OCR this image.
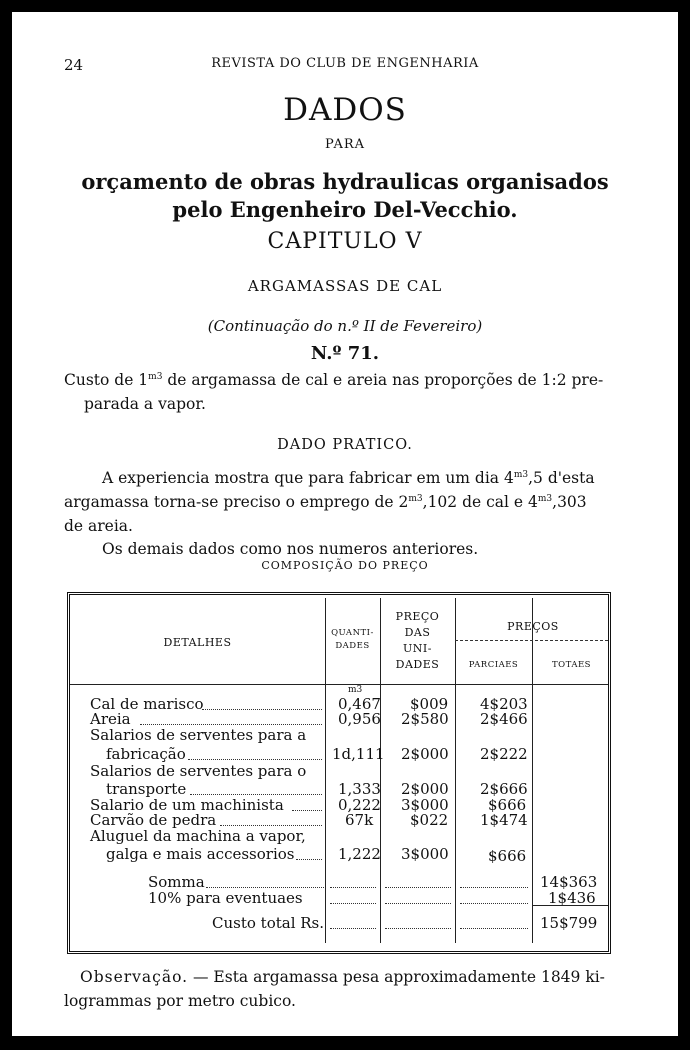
24	REVISTA DO CLUB DE ENGENHARIA
DADOS
PARA
orçamento de obras hydraulicas organisados
pelo Engenheiro Del-Vecchio.
CAPITULO V
ARGAMASSAS DE CAL
(Continuação do n.º II de Fevereiro)
N.º 71.
Custo de $1^{m3}$ de argamassa de cal e areia nas proporções de 1:2 pre-
parada a vapor.
DADO PRATICO.
A experiencia mostra que para fabricar em um dia $4^{m3},5$ d'esta
argamassa torna-se preciso o emprego de $2^{m3},102$ de cal e $4^{m3},303$
de areia.
Os demais dados como nos numeros anteriores.
COMPOSIÇÃO DO PREÇO
DETALHES
QUANTI-
DADES
PREÇO
DAS
UNI-
DADES
PREÇOS
PARCIAES	TOTAES
m3
Cal de marisco	0,467 $009 4$203
Areia	0,956 2$580 2$466
Salarios de serventes para a
fabricação	1d,111 2$000 2$222
Salarios de serventes para o
transporte	1,333 2$000 2$666
Salario de um machinista	0,222 3$000	$666
Carvão de pedra	67k $022 1$474
Aluguel da machina a vapor,
galga e mais accessorios	1,222 3$000	$666
Somma	14$363
10% para eventuaes	1$436
Custo total Rs.	15$799
Observação. — Esta argamassa pesa approximadamente 1849 ki-
logrammas por metro cubico.
